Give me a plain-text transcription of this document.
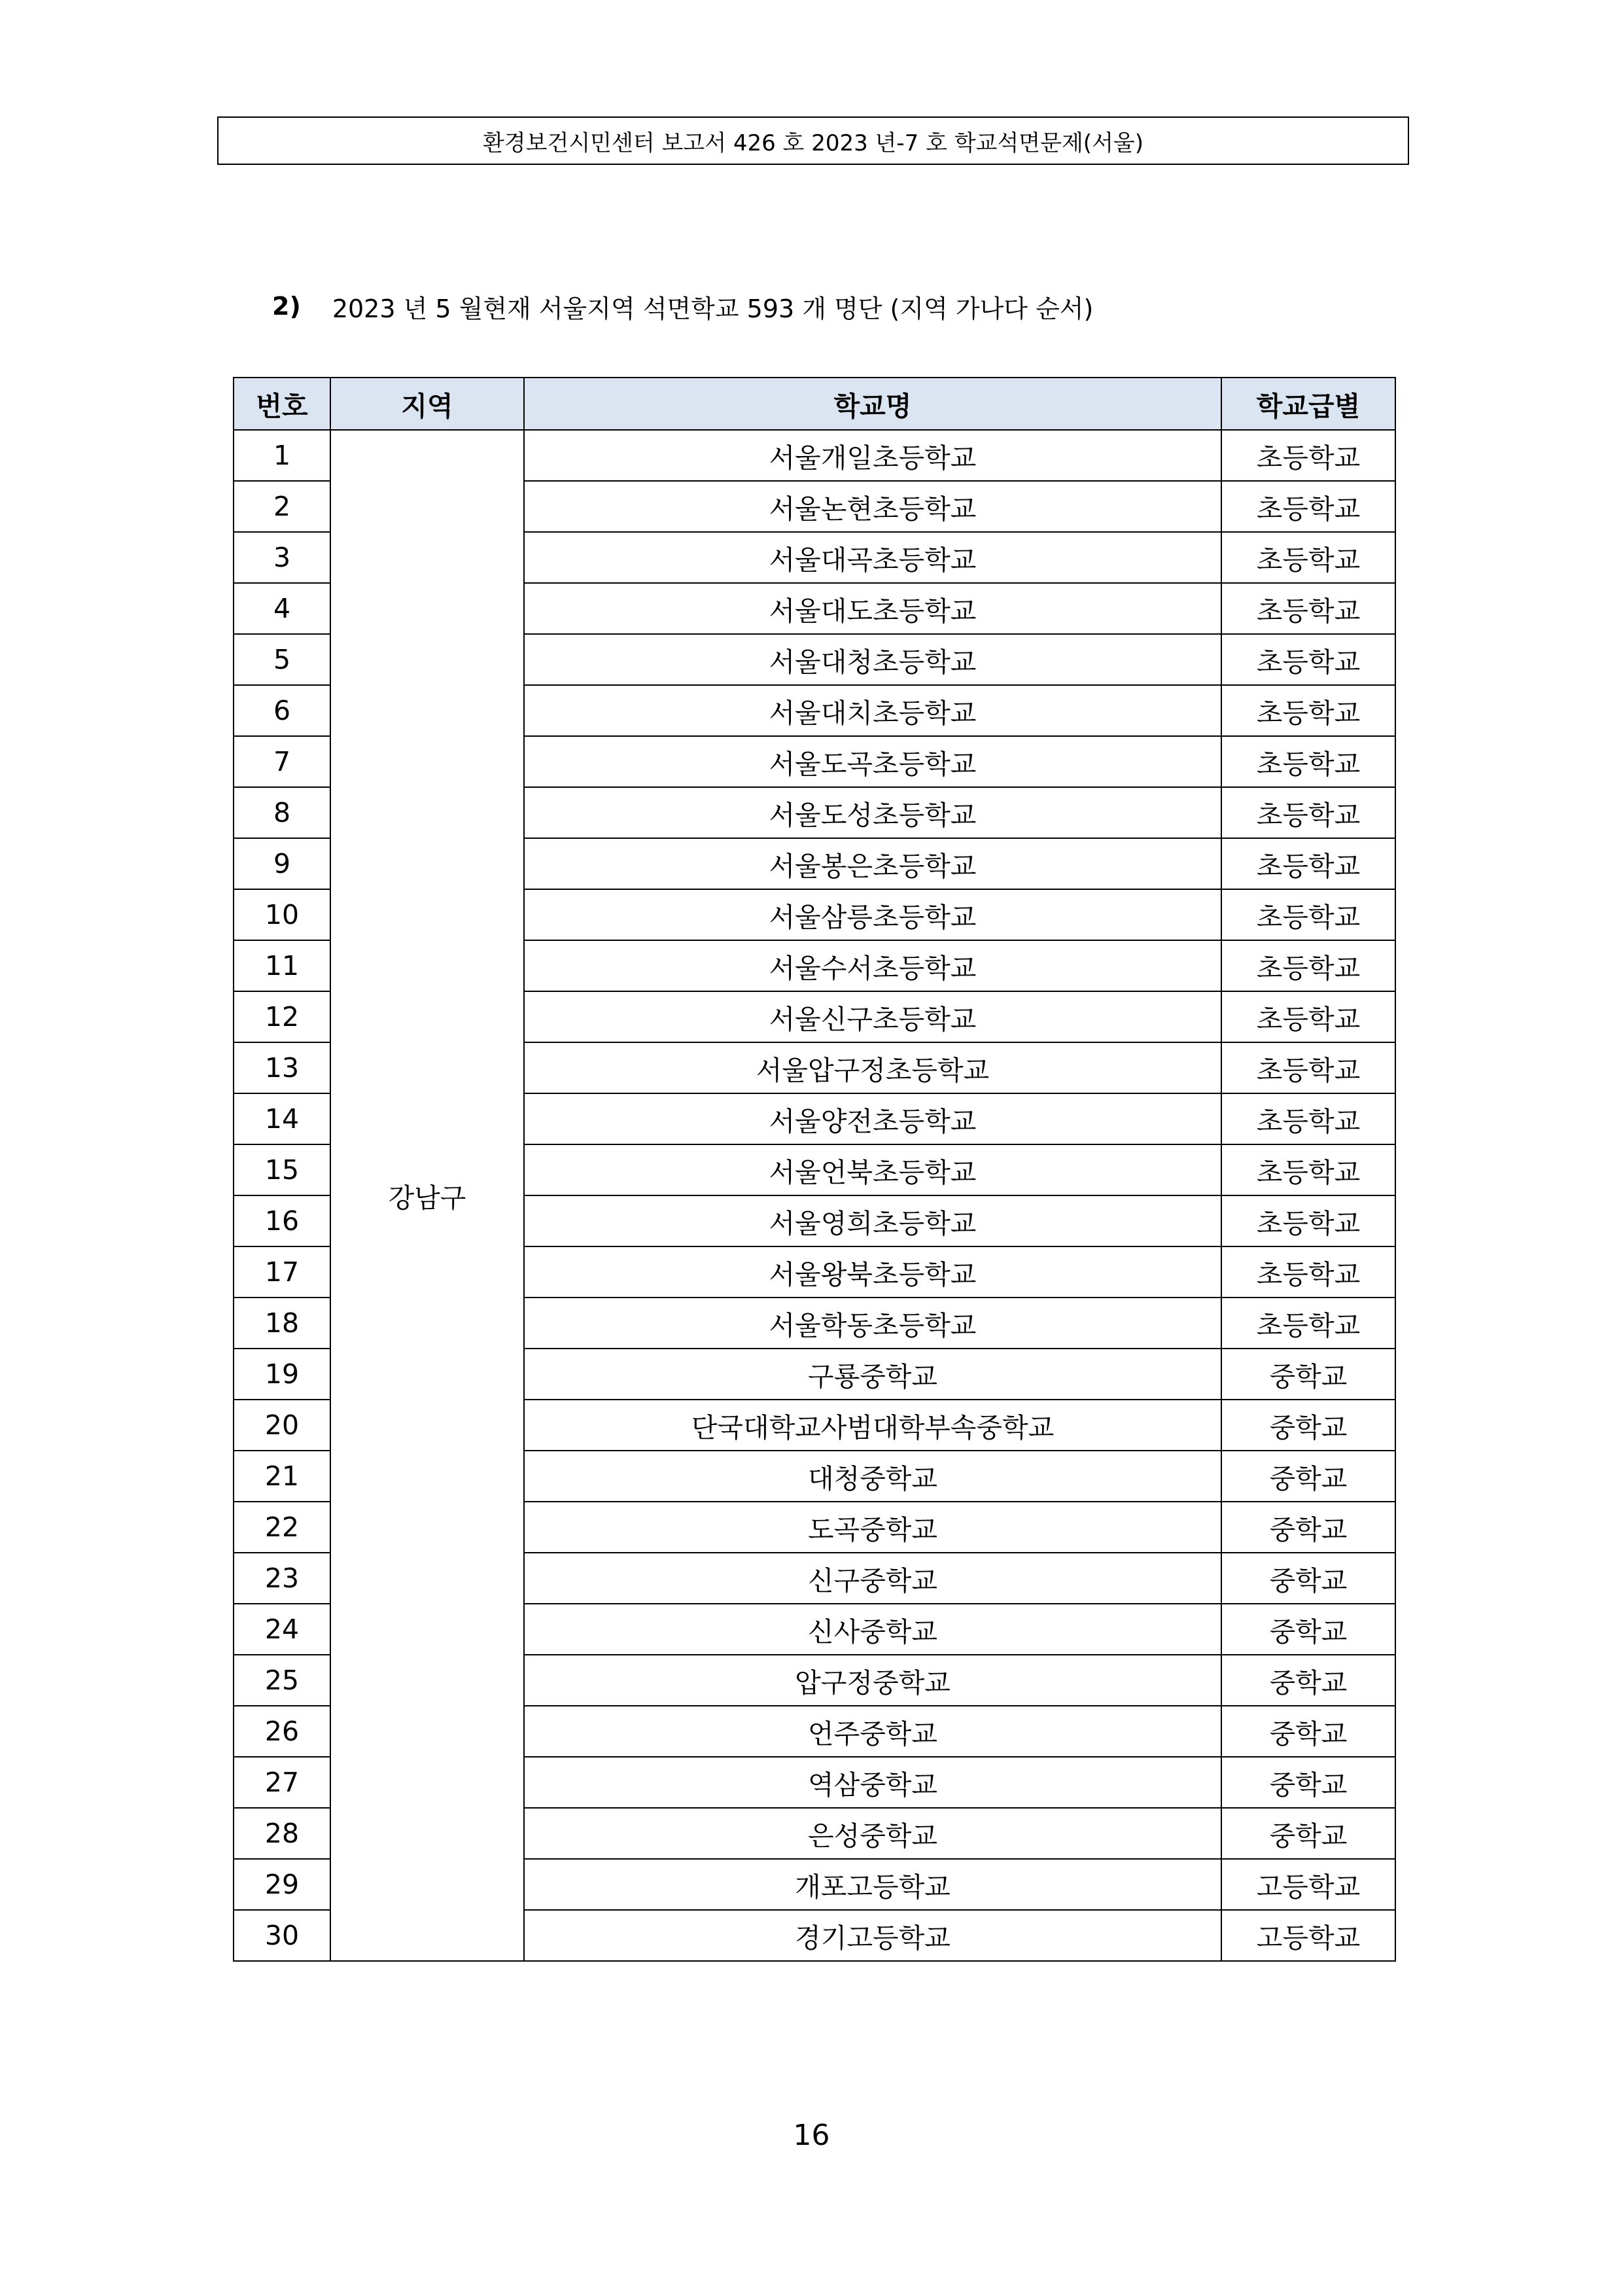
환경보건시민센터 보고서 426 호 2023 년-7 호 학교석면문제(서울)
2) 2023 년 5 월현재 서울지역 석면학교 593 개 명단 (지역 가나다 순서)
번호	지역	학교명	학교급별
1	강남구	서울개일초등학교	초등학교
2		서울논현초등학교	초등학교
3		서울대곡초등학교	초등학교
4		서울대도초등학교	초등학교
5		서울대청초등학교	초등학교
6		서울대치초등학교	초등학교
7		서울도곡초등학교	초등학교
8		서울도성초등학교	초등학교
9		서울봉은초등학교	초등학교
10		서울삼릉초등학교	초등학교
11		서울수서초등학교	초등학교
12		서울신구초등학교	초등학교
13		서울압구정초등학교	초등학교
14		서울양전초등학교	초등학교
15		서울언북초등학교	초등학교
16		서울영희초등학교	초등학교
17		서울왕북초등학교	초등학교
18		서울학동초등학교	초등학교
19		구룡중학교	중학교
20		단국대학교사범대학부속중학교	중학교
21		대청중학교	중학교
22		도곡중학교	중학교
23		신구중학교	중학교
24		신사중학교	중학교
25		압구정중학교	중학교
26		언주중학교	중학교
27		역삼중학교	중학교
28		은성중학교	중학교
29		개포고등학교	고등학교
30		경기고등학교	고등학교
16
